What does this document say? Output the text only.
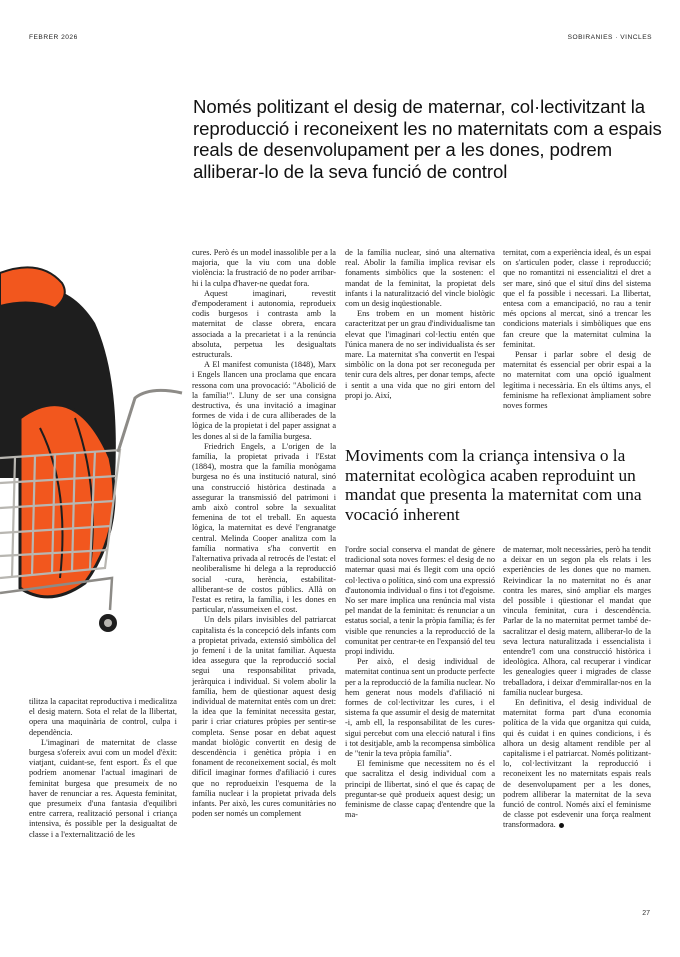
FEBRER 2026	SOBIRANIES · VINCLES
Només politizant el desig de maternar, col·lectivitzant la reproducció i reconeixent les no maternitats com a espais reals de desenvolupament per a les dones, podrem alliberar-lo de la seva funció de control

tilitza la capacitat reproductiva i medicalitza el desig matern. Sota el relat de la llibertat, opera una maquinària de control, culpa i dependència.

L'imaginari de maternitat de classe burgesa s'ofereix avui com un model d'èxit: viatjant, cuidant-se, fent esport. És el que podríem anomenar l'actual imaginari de feminitat burgesa que presumeix de no haver de renunciar a res. Aquesta feminitat, que presumeix d'una fantasia d'equilibri entre carrera, realització personal i criança intensiva, és possible per la desigualtat de classe i a l'externalització de les

cures. Però és un model inassolible per a la majoria, que la viu com una doble violència: la frustració de no poder arribar-hi i la culpa d'haver-ne quedat fora.

Aquest imaginari, revestit d'empoderament i autonomia, reprodueix codis burgesos i contrasta amb la maternitat de classe obrera, encara associada a la precarietat i a la renúncia absoluta, perpetua les desigualtats estructurals.

A El manifest comunista (1848), Marx i Engels llancen una proclama que encara ressona com una provocació: "Abolició de la família!". Lluny de ser una consigna destructiva, és una invitació a imaginar formes de vida i de cura alliberades de la lògica de la propietat i del paper assignat a les dones al si de la família burgesa.

Friedrich Engels, a L'origen de la família, la propietat privada i l'Estat (1884), mostra que la família monògama burgesa no és una institució natural, sinó una construcció històrica destinada a assegurar la transmissió del patrimoni i amb això control sobre la sexualitat femenina de tot el treball. En aquesta lògica, la maternitat es devé l'engranatge central. Melinda Cooper analitza com la família normativa s'ha convertit en l'alternativa privada al retrocés de l'estat: el neoliberalisme hi delega a la reproducció social -cura, herència, estabilitat- alliberant-se de costos públics. Allà on l'estat es retira, la família, i les dones en particular, n'assumeixen el cost.

Un dels pilars invisibles del patriarcat capitalista és la concepció dels infants com a propietat privada, extensió simbòlica del jo femení i de la unitat familiar. Aquesta idea assegura que la reproducció social segui una responsabilitat privada, jeràrquica i individual. Si volem abolir la família, hem de qüestionar aquest desig individual de maternitat entès com un dret: la idea que la feminitat necessita gestar, parir i criar criatures pròpies per sentir-se completa. Sense posar en debat aquest mandat biològic convertit en desig de descendència i genètica pròpia i en fonament de reconeixement social, és molt difícil imaginar formes d'afiliació i cures que no reprodueixin l'esquema de la família nuclear i la propietat privada dels infants. Per això, les cures comunitàries no poden ser només un complement

de la família nuclear, sinó una alternativa real. Abolir la família implica revisar els fonaments simbòlics que la sostenen: el mandat de la feminitat, la propietat dels infants i la naturalització del vincle biològic com un desig inqüestionable.

Ens trobem en un moment històric caracteritzat per un grau d'individualisme tan elevat que l'imaginari col·lectiu entén que l'única manera de no ser individualista és ser mare. La maternitat s'ha convertit en l'espai simbòlic on la dona pot ser reconeguda per tenir cura dels altres, per donar temps, afecte i sentit a una vida que no giri entorn del propi jo. Així,

ternitat, com a experiència ideal, és un espai on s'articulen poder, classe i reproducció; que no romantitzi ni essencialitzi el dret a ser mare, sinó que el situï dins del sistema que el fa possible i necessari. La llibertat, entesa com a emancipació, no rau a tenir més opcions al mercat, sinó a trencar les condicions materials i simbòliques que ens fan creure que la maternitat culmina la feminitat.

Pensar i parlar sobre el desig de maternitat és essencial per obrir espai a la no maternitat com una opció igualment legítima i necessària. En els últims anys, el feminisme ha reflexionat àmpliament sobre noves formes

Moviments com la criança intensiva o la maternitat ecològica acaben reproduint un mandat que presenta la maternitat com una vocació inherent

l'ordre social conserva el mandat de gènere tradicional sota noves formes: el desig de no maternar quasi mai és llegit com una opció col·lectiva o política, sinó com una expressió d'autonomia individual o fins i tot d'egoisme. No ser mare implica una renúncia mal vista pel mandat de la feminitat: és renunciar a un estatus social, a tenir la pròpia família; és fer visible que renuncies a la reproducció de la comunitat per centrar-te en l'expansió del teu propi individu.

Per això, el desig individual de maternitat continua sent un producte perfecte per a la reproducció de la família nuclear. No hem generat nous models d'afiliació ni formes de col·lectivitzar les cures, i el sistema fa que assumir el desig de maternitat -i, amb ell, la responsabilitat de les cures- sigui percebut com una elecció natural i fins i tot desitjable, amb la recompensa simbòlica de "tenir la teva pròpia família".

El feminisme que necessitem no és el que sacralitza el desig individual com a principi de llibertat, sinó el que és capaç de preguntar-se què produeix aquest desig; un feminisme de classe capaç d'entendre que la ma-

de maternar, molt necessàries, però ha tendit a deixar en un segon pla els relats i les experiències de les dones que no mamen. Reivindicar la no maternitat no és anar contra les mares, sinó ampliar els marges del possible i qüestionar el mandat que vincula feminitat, cura i descendència. Parlar de la no maternitat permet també de-sacralitzar el desig matern, alliberar-lo de la seva lectura naturalitzada i essencialista i entendre'l com una construcció històrica i ideològica. Alhora, cal recuperar i vindicar les genealogies queer i migrades de classe treballadora, i deixar d'emmirallar-nos en la família nuclear burgesa.

En definitiva, el desig individual de maternitat forma part d'una economia política de la vida que organitza qui cuida, qui és cuidat i en quines condicions, i és alhora un desig altament rendible per al capitalisme i el patriarcat. Només politizant-lo, col·lectivitzant la reproducció i reconeixent les no maternitats espais reals de desenvolupament per a les dones, podrem alliberar la maternitat de la seva funció de control. Només així el feminisme de classe pot esdevenir una força realment transformadora.

27
